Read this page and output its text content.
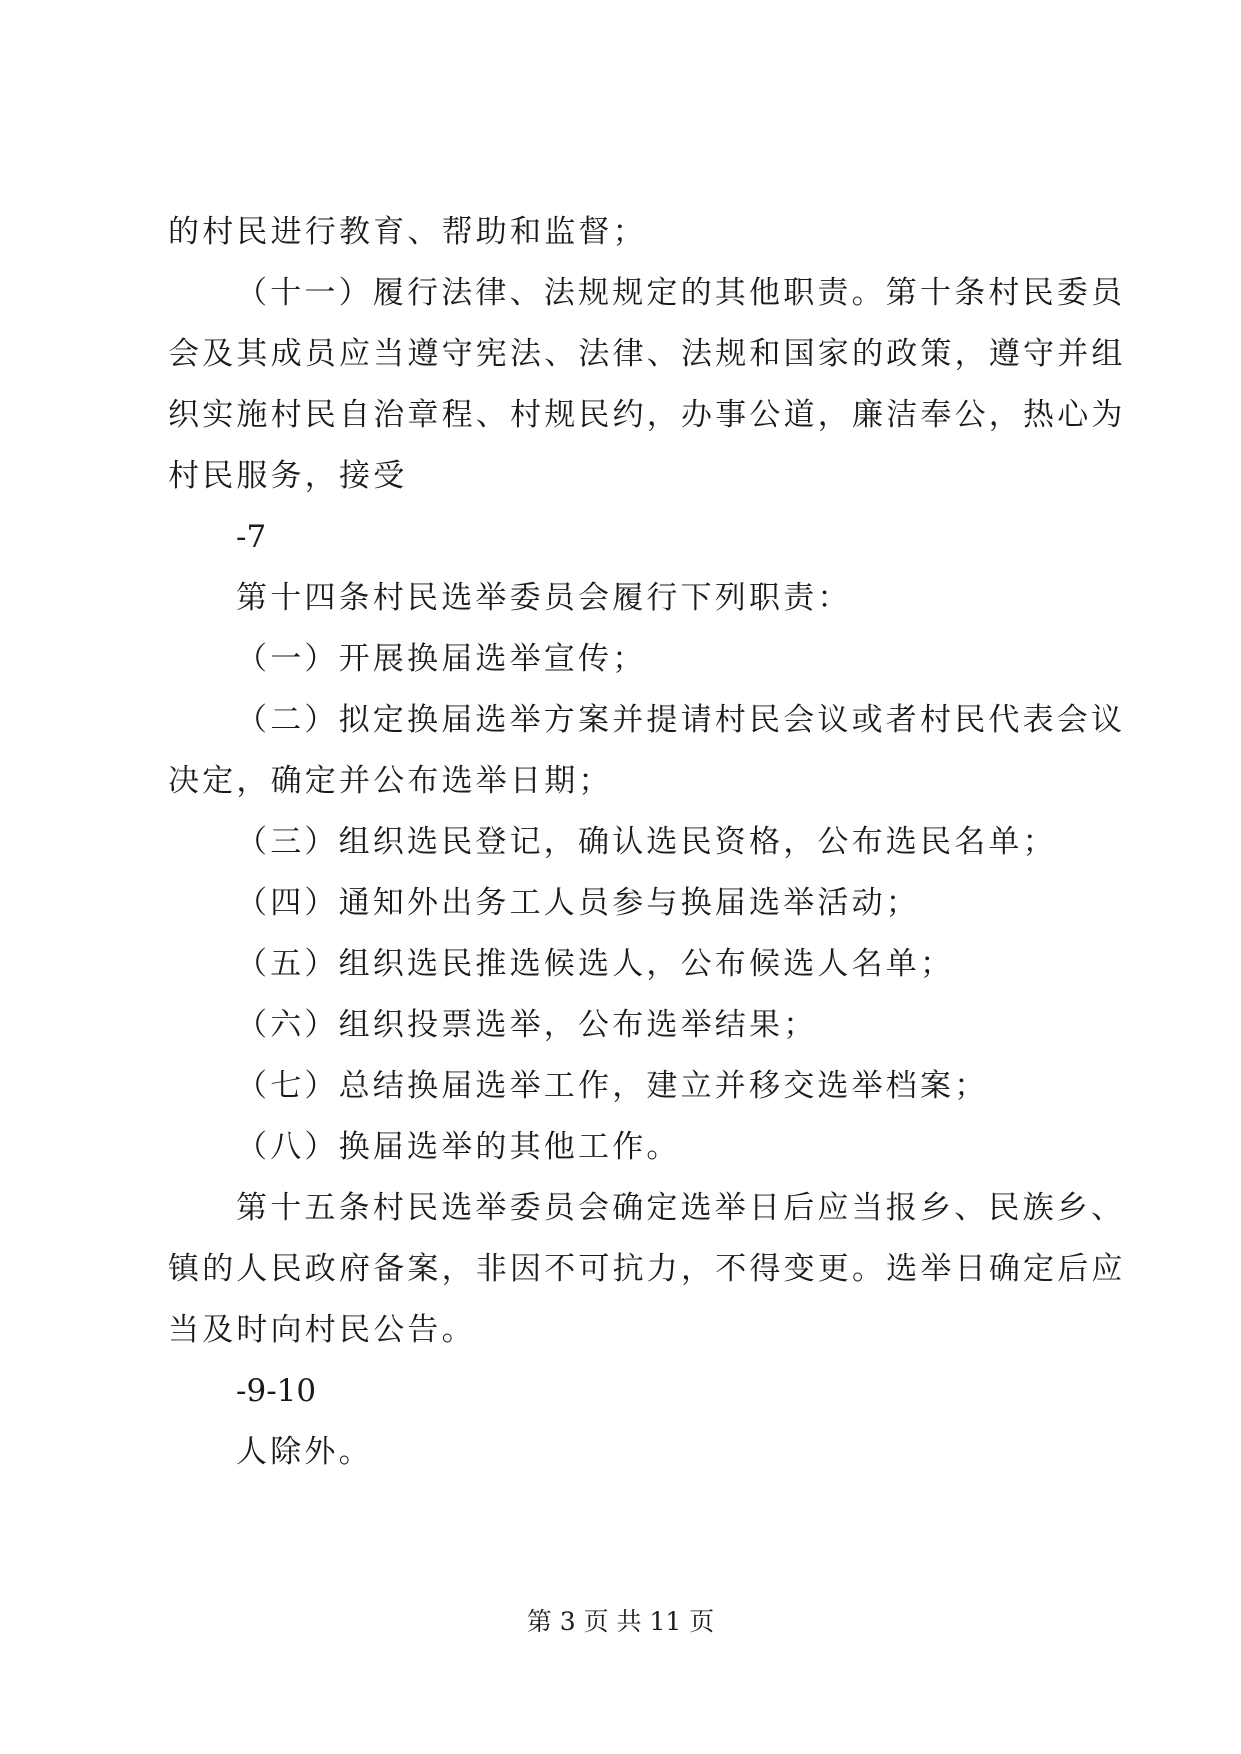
的村民进行教育、帮助和监督；
（十一）履行法律、法规规定的其他职责。第十条村民委员
会及其成员应当遵守宪法、法律、法规和国家的政策，遵守并组
织实施村民自治章程、村规民约，办事公道，廉洁奉公，热心为
村民服务，接受
-7
第十四条村民选举委员会履行下列职责：
（一）开展换届选举宣传；
（二）拟定换届选举方案并提请村民会议或者村民代表会议
决定，确定并公布选举日期；
（三）组织选民登记，确认选民资格，公布选民名单；
（四）通知外出务工人员参与换届选举活动；
（五）组织选民推选候选人，公布候选人名单；
（六）组织投票选举，公布选举结果；
（七）总结换届选举工作，建立并移交选举档案；
（八）换届选举的其他工作。
第十五条村民选举委员会确定选举日后应当报乡、民族乡、
镇的人民政府备案，非因不可抗力，不得变更。选举日确定后应
当及时向村民公告。
-9-10
人除外。
第 3 页 共 11 页
